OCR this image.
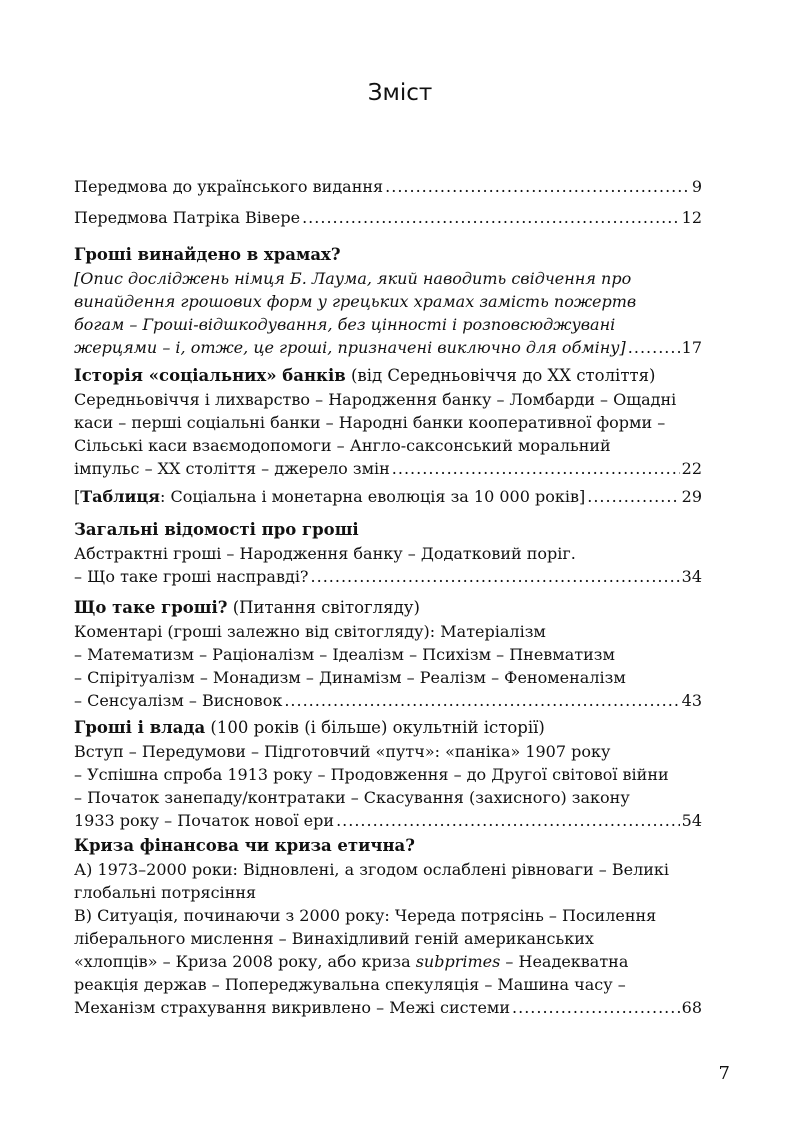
Зміст
Передмова до українського видання .....	9
Передмова Патріка Вівере .....	12
Гроші винайдено в храмах?
[Опис досліджень німця Б. Лаума, який наводить свідчення про
винайдення грошових форм у грецьких храмах замість пожертв
богам – Гроші-відшкодування, без цінності і розповсюджувані
жерцями – і, отже, це гроші, призначені виключно для обміну] .....	17
Історія «соціальних» банків (від Середньовіччя до XX століття)
Середньовіччя і лихварство – Народження банку – Ломбарди – Ощадні
каси – перші соціальні банки – Народні банки кооперативної форми –
Сільські каси взаємодопомоги – Англо-саксонський моральний
імпульс – XX століття – джерело змін .....	22
[Таблиця: Соціальна і монетарна еволюція за 10 000 років] .....	29
Загальні відомості про гроші
Абстрактні гроші – Народження банку – Додатковий поріг.
– Що таке гроші насправді? .....	34
Що таке гроші? (Питання світогляду)
Коментарі (гроші залежно від світогляду): Матеріалізм
– Математизм – Раціоналізм – Ідеалізм – Психізм – Пневматизм
– Спірітуалізм – Монадизм – Динамізм – Реалізм – Феноменалізм
– Сенсуалізм – Висновок .....	43
Гроші і влада (100 років (і більше) окультній історії)
Вступ – Передумови – Підготовчий «путч»: «паніка» 1907 року
– Успішна спроба 1913 року – Продовження – до Другої світової війни
– Початок занепаду/контратаки – Скасування (захисного) закону
1933 року – Початок нової ери .....	54
Криза фінансова чи криза етична?
А) 1973–2000 роки: Відновлені, а згодом ослаблені рівноваги – Великі
глобальні потрясіння
В) Ситуація, починаючи з 2000 року: Череда потрясінь – Посилення
ліберального мислення – Винахідливий геній американських
«хлопців» – Криза 2008 року, або криза subprimes – Неадекватна
реакція держав – Попереджувальна спекуляція – Машина часу –
Механізм страхування викривлено – Межі системи .....	68
7
